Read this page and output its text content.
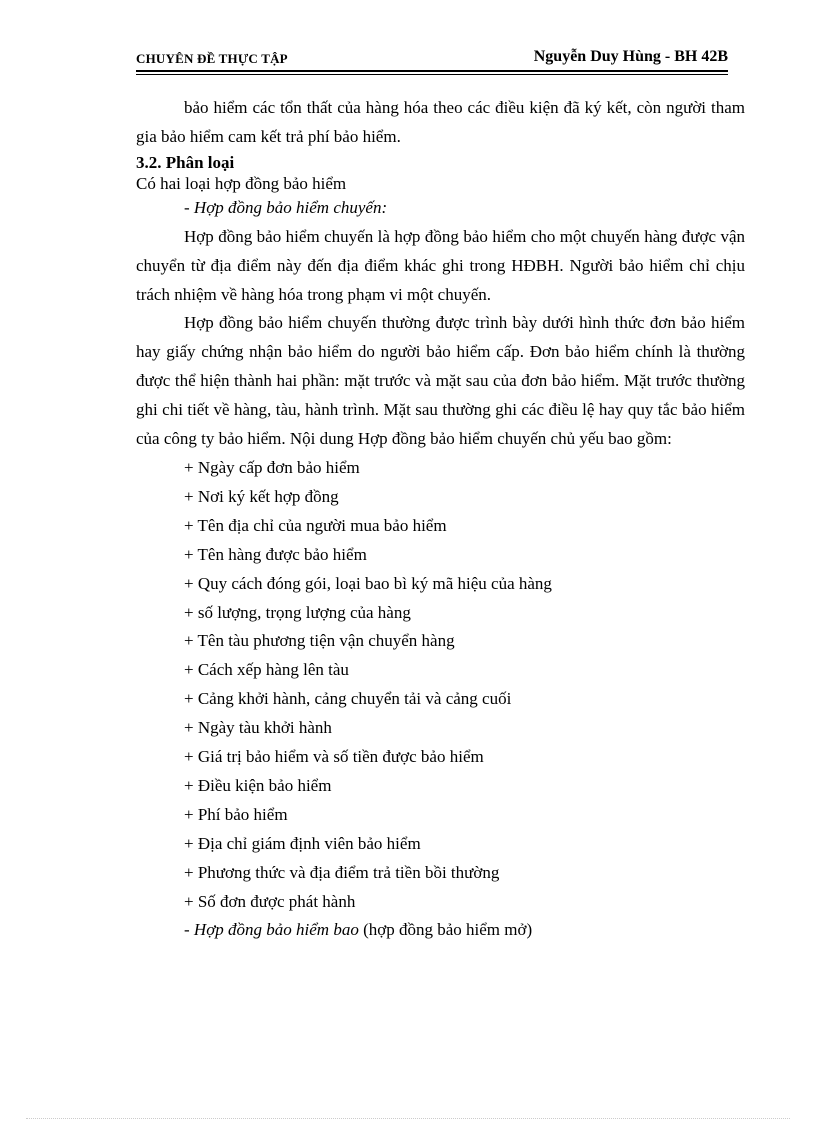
CHUYÊN ĐỀ THỰC TẬP	Nguyễn Duy Hùng - BH 42B

bảo hiểm các tổn thất của hàng hóa theo các điều kiện đã ký kết, còn người tham gia bảo hiểm cam kết trả phí bảo hiểm.

3.2. Phân loại

Có hai loại hợp đồng bảo hiểm

- Hợp đồng bảo hiểm chuyến:

Hợp đồng bảo hiểm chuyến là hợp đồng bảo hiểm cho một chuyến hàng được vận chuyển từ địa điểm này đến địa điểm khác ghi trong HĐBH. Người bảo hiểm chỉ chịu trách nhiệm về hàng hóa trong phạm vi một chuyến.

Hợp đồng bảo hiểm chuyến thường được trình bày dưới hình thức đơn bảo hiểm hay giấy chứng nhận bảo hiểm do người bảo hiểm cấp. Đơn bảo hiểm chính là thường được thể hiện thành hai phần: mặt trước và mặt sau của đơn bảo hiểm. Mặt trước thường ghi chi tiết về hàng, tàu, hành trình. Mặt sau thường ghi các điều lệ hay quy tắc bảo hiểm của công ty bảo hiểm. Nội dung Hợp đồng bảo hiểm chuyến chủ yếu bao gồm:

+ Ngày cấp đơn bảo hiểm

+ Nơi ký kết hợp đồng

+ Tên địa chỉ của người mua bảo hiểm

+ Tên hàng được bảo hiểm

+ Quy cách đóng gói, loại bao bì ký mã hiệu của hàng

+ số lượng, trọng lượng của hàng

+ Tên tàu phương tiện vận chuyển hàng

+ Cách xếp hàng lên tàu

+ Cảng khởi hành, cảng chuyển tải và cảng cuối

+ Ngày tàu khởi hành

+ Giá trị bảo hiểm và số tiền được bảo hiểm

+ Điều kiện bảo hiểm

+ Phí bảo hiểm

+ Địa chỉ giám định viên bảo hiểm

+ Phương thức và địa điểm trả tiền bồi thường

+ Số đơn được phát hành

- Hợp đồng bảo hiểm bao (hợp đồng bảo hiểm mở)
